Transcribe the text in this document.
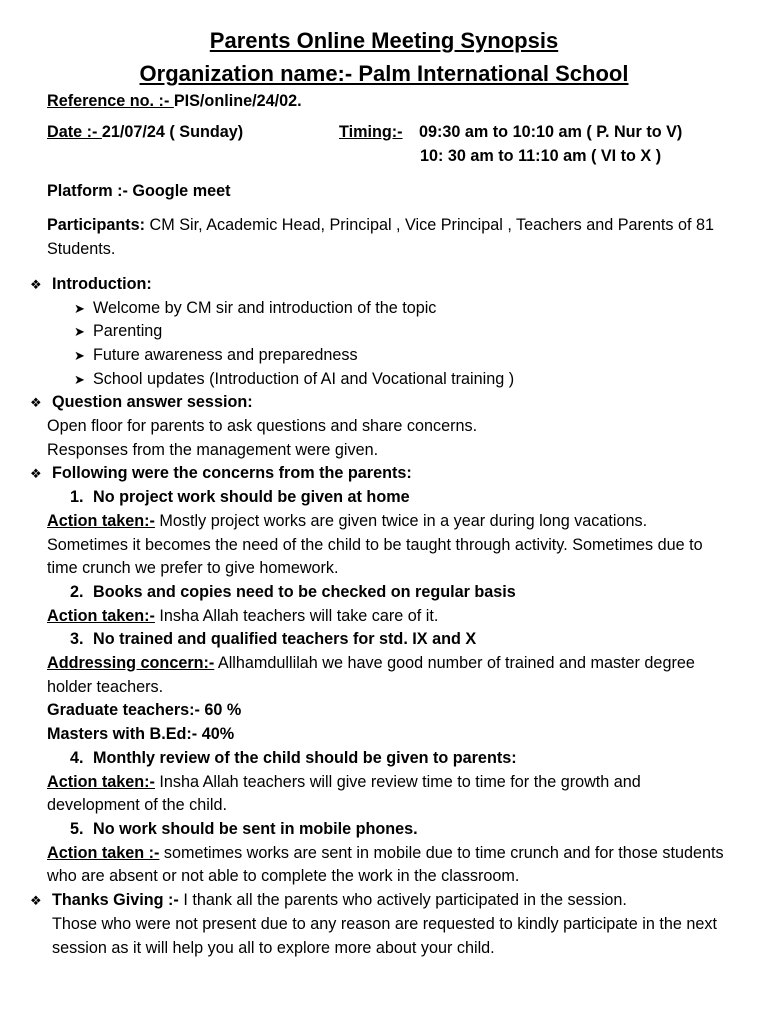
Parents Online Meeting Synopsis
Organization name:- Palm International School
Reference no. :- PIS/online/24/02.
Date :- 21/07/24 ( Sunday)	Timing:-09:30 am to 10:10 am ( P. Nur to V)
10: 30 am to 11:10 am ( VI to X )
Platform :- Google meet
Participants: CM Sir, Academic Head, Principal , Vice Principal , Teachers and Parents of 81 Students.
❖ Introduction:
➤ Welcome by CM sir and introduction of the topic
➤ Parenting
➤ Future awareness and preparedness
➤ School updates (Introduction of AI and Vocational training )
❖ Question answer session:
Open floor for parents to ask questions and share concerns.
Responses from the management were given.
❖ Following were the concerns from the parents:
1. No project work should be given at home
Action taken:- Mostly project works are given twice in a year during long vacations. Sometimes it becomes the need of the child to be taught through activity. Sometimes due to time crunch we prefer to give homework.
2. Books and copies need to be checked on regular basis
Action taken:- Insha Allah teachers will take care of it.
3. No trained and qualified teachers for std. IX and X
Addressing concern:- Allhamdullilah we have good number of trained and master degree holder teachers.
Graduate teachers:- 60 %
Masters with B.Ed:- 40%
4. Monthly review of the child should be given to parents:
Action taken:- Insha Allah teachers will give review time to time for the growth and development of the child.
5. No work should be sent in mobile phones.
Action taken :- sometimes works are sent in mobile due to time crunch and for those students who are absent or not able to complete the work in the classroom.
❖ Thanks Giving :- I thank all the parents who actively participated in the session.
Those who were not present due to any reason are requested to kindly participate in the next session as it will help you all to explore more about your child.
